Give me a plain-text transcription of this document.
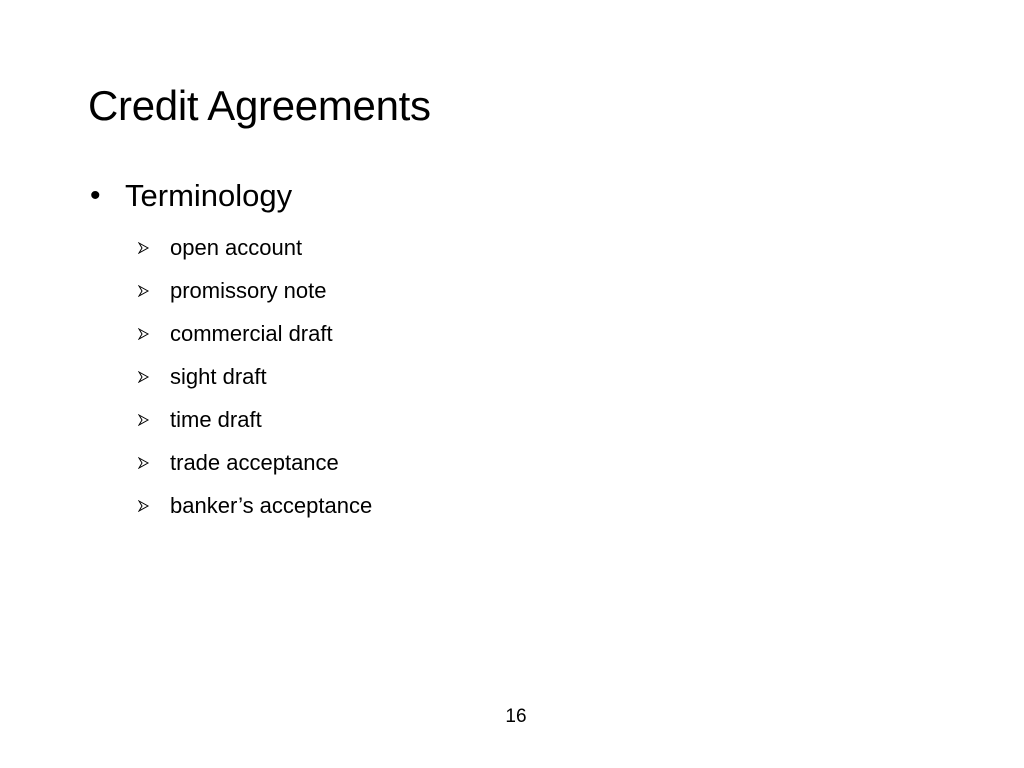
Credit Agreements
• Terminology
open account
promissory note
commercial draft
sight draft
time draft
trade acceptance
banker’s acceptance
16
